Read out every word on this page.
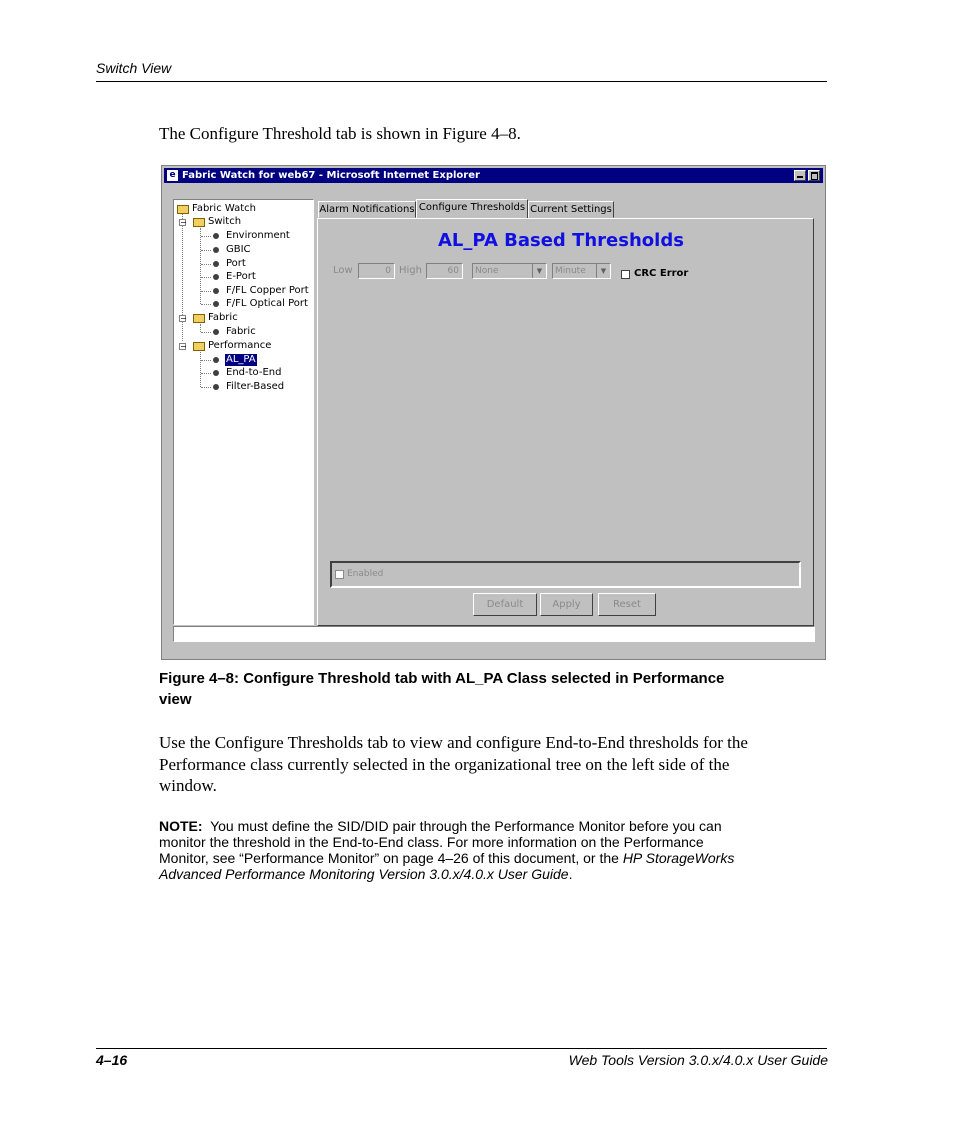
Switch View
The Configure Threshold tab is shown in Figure 4–8.
e Fabric Watch for web67 - Microsoft Internet Explorer
Fabric Watch
− Switch
Environment
GBIC
Port
E-Port
F/FL Copper Port
F/FL Optical Port
− Fabric
Fabric
− Performance
AL_PA
End-to-End
Filter-Based
Alarm Notifications Configure Thresholds Current Settings
AL_PA Based Thresholds
Low	0 High	60	None	▼	Minute	▼	CRC Error
Enabled
Default	Apply	Reset
Figure 4–8: Configure Threshold tab with AL_PA Class selected in Performance
view
Use the Configure Thresholds tab to view and configure End-to-End thresholds for the
Performance class currently selected in the organizational tree on the left side of the
window.
NOTE: You must define the SID/DID pair through the Performance Monitor before you can
monitor the threshold in the End-to-End class. For more information on the Performance
Monitor, see “Performance Monitor” on page 4–26 of this document, or the HP StorageWorks
Advanced Performance Monitoring Version 3.0.x/4.0.x User Guide.
4–16	Web Tools Version 3.0.x/4.0.x User Guide
